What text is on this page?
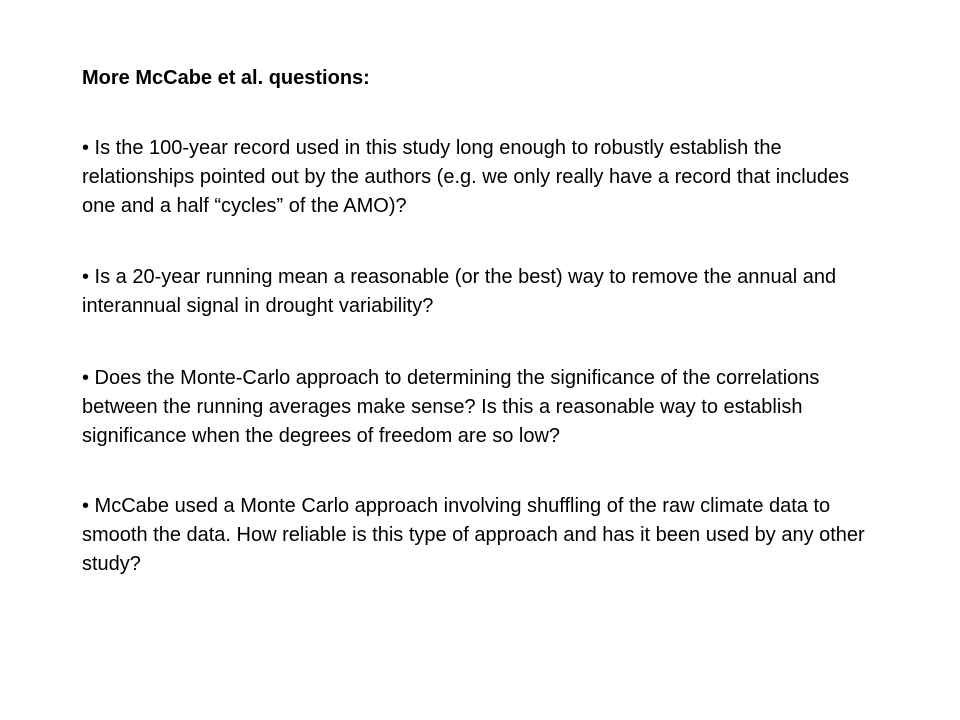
More McCabe et al. questions:

• Is the 100-year record used in this study long enough to robustly establish the relationships pointed out by the authors (e.g. we only really have a record that includes one and a half “cycles” of the AMO)?

• Is a 20-year running mean a reasonable (or the best) way to remove the annual and interannual signal in drought variability?

• Does the Monte-Carlo approach to determining the significance of the correlations between the running averages make sense? Is this a reasonable way to establish significance when the degrees of freedom are so low?

• McCabe used a Monte Carlo approach involving shuffling of the raw climate data to smooth the data. How reliable is this type of approach and has it been used by any other study?
